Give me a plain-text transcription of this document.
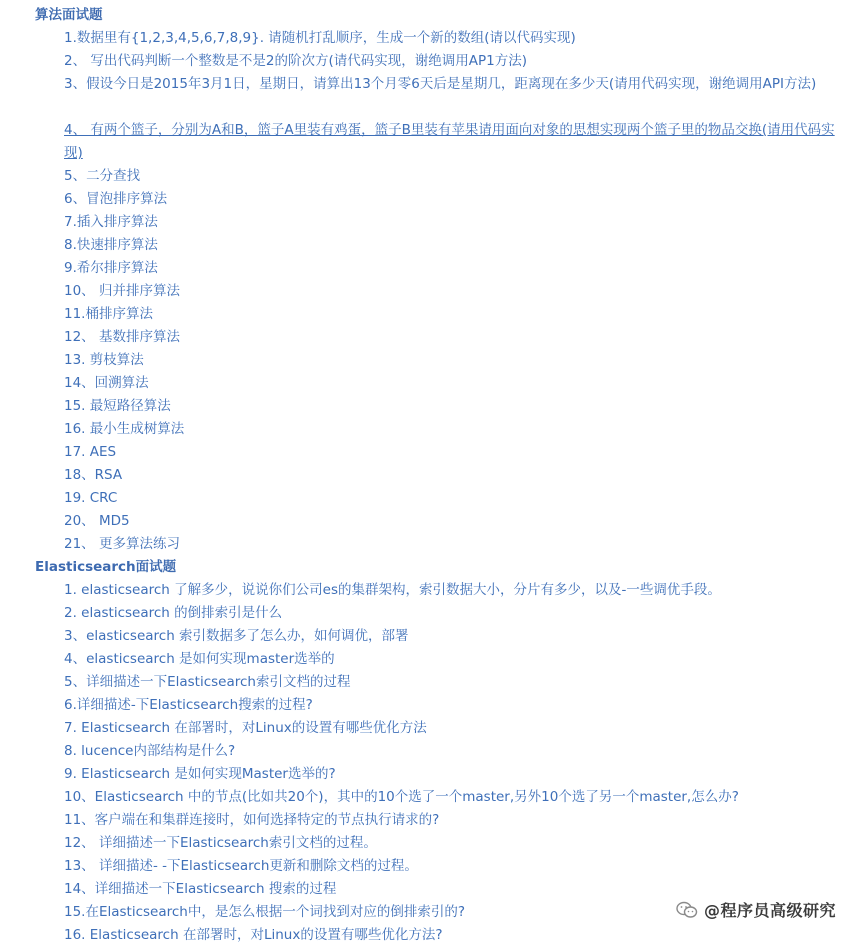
算法面试题
1.数据里有{1,2,3,4,5,6,7,8,9}. 请随机打乱顺序，生成一个新的数组(请以代码实现)
2、 写出代码判断一个整数是不是2的阶次方(请代码实现，谢绝调用AP1方法)
3、假设今日是2015年3月1日，星期日，请算出13个月零6天后是星期几，距离现在多少天(请用代码实现，谢绝调用API方法)
4、 有两个篮子，分别为A和B，篮子A里装有鸡蛋，篮子B里装有苹果请用面向对象的思想实现两个篮子里的物品交换(请用代码实现)
5、二分查找
6、冒泡排序算法
7.插入排序算法
8.快速排序算法
9.希尔排序算法
10、 归并排序算法
11.桶排序算法
12、 基数排序算法
13. 剪枝算法
14、回溯算法
15. 最短路径算法
16. 最小生成树算法
17. AES
18、RSA
19. CRC
20、 MD5
21、 更多算法练习
Elasticsearch面试题
1. elasticsearch 了解多少，说说你们公司es的集群架构，索引数据大小，分片有多少，以及-一些调优手段。
2. elasticsearch 的倒排索引是什么
3、elasticsearch 索引数据多了怎么办，如何调优，部署
4、elasticsearch 是如何实现master选举的
5、详细描述一下Elasticsearch索引文档的过程
6.详细描述-下Elasticsearch搜索的过程?
7. Elasticsearch 在部署时，对Linux的设置有哪些优化方法
8. lucence内部结构是什么?
9. Elasticsearch 是如何实现Master选举的?
10、Elasticsearch 中的节点(比如共20个)，其中的10个选了一个master,另外10个选了另一个master,怎么办?
11、客户端在和集群连接时，如何选择特定的节点执行请求的?
12、 详细描述一下Elasticsearch索引文档的过程。
13、 详细描述- -下Elasticsearch更新和删除文档的过程。
14、详细描述一下Elasticsearch 搜索的过程
15.在Elasticsearch中，是怎么根据一个词找到对应的倒排索引的?
16. Elasticsearch 在部署时，对Linux的设置有哪些优化方法?
@程序员高级研究
